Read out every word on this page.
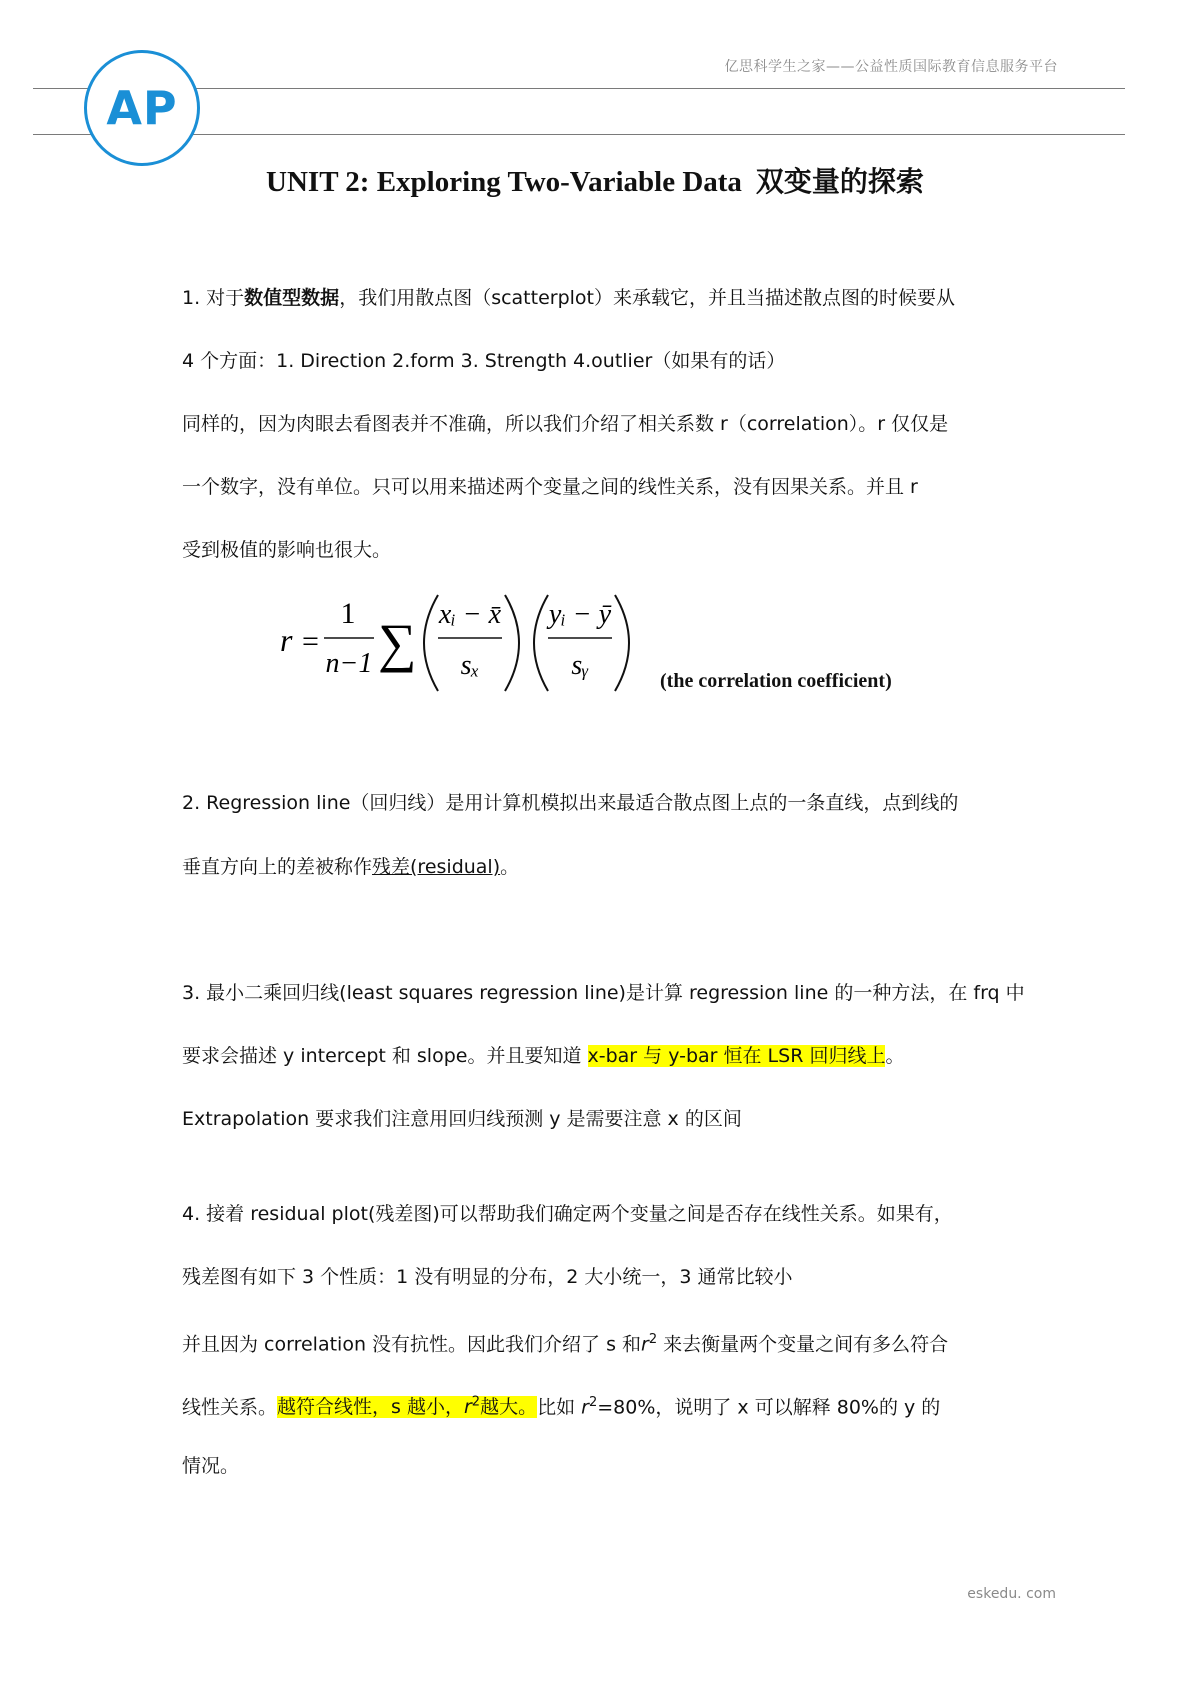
亿思科学生之家——公益性质国际教育信息服务平台
AP
UNIT 2: Exploring Two-Variable Data 双变量的探索
1. 对于数值型数据，我们用散点图（scatterplot）来承载它，并且当描述散点图的时候要从
4 个方面：1. Direction 2.form 3. Strength 4.outlier（如果有的话）
同样的，因为肉眼去看图表并不准确，所以我们介绍了相关系数 r（correlation）。r 仅仅是
一个数字，没有单位。只可以用来描述两个变量之间的线性关系，没有因果关系。并且 r
受到极值的影响也很大。
2. Regression line（回归线）是用计算机模拟出来最适合散点图上点的一条直线，点到线的
垂直方向上的差被称作残差(residual)。
3. 最小二乘回归线(least squares regression line)是计算 regression line 的一种方法，在 frq 中
要求会描述 y intercept 和 slope。并且要知道 x-bar 与 y-bar 恒在 LSR 回归线上。
Extrapolation 要求我们注意用回归线预测 y 是需要注意 x 的区间
4. 接着 residual plot(残差图)可以帮助我们确定两个变量之间是否存在线性关系。如果有，
残差图有如下 3 个性质：1 没有明显的分布，2 大小统一，3 通常比较小
并且因为 correlation 没有抗性。因此我们介绍了 s 和$r^2$ 来去衡量两个变量之间有多么符合
线性关系。越符合线性，s 越小，$r^2$越大。比如 $r^2=80\%$，说明了 x 可以解释 80%的 y 的
情况。
r =
1
n−1 ∑ xᵢ − x̄
sₓ
yᵢ − ȳ
sᵧ	(the correlation coefficient)
eskedu. com
